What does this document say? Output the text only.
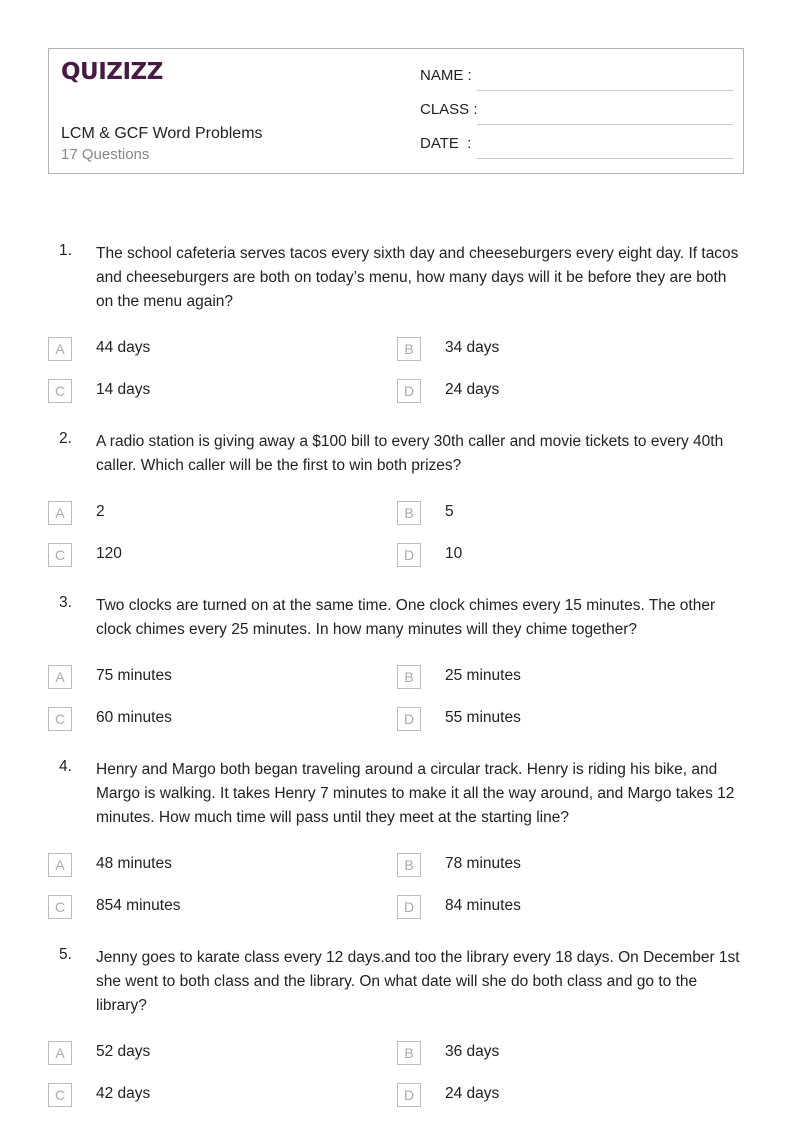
QUIZIZZ
LCM & GCF Word Problems
17 Questions
NAME :
CLASS :
DATE  :
1. The school cafeteria serves tacos every sixth day and cheeseburgers every eight day. If tacos and cheeseburgers are both on today’s menu, how many days will it be before they are both on the menu again?
A	44 days	B	34 days
C	14 days	D	24 days
2. A radio station is giving away a $100 bill to every 30th caller and movie tickets to every 40th caller. Which caller will be the first to win both prizes?
A	2	B	5
C	120	D	10
3. Two clocks are turned on at the same time. One clock chimes every 15 minutes. The other clock chimes every 25 minutes. In how many minutes will they chime together?
A	75 minutes	B	25 minutes
C	60 minutes	D	55 minutes
4. Henry and Margo both began traveling around a circular track. Henry is riding his bike, and Margo is walking. It takes Henry 7 minutes to make it all the way around, and Margo takes 12 minutes. How much time will pass until they meet at the starting line?
A	48 minutes	B	78 minutes
C	854 minutes	D	84 minutes
5. Jenny goes to karate class every 12 days.and too the library every 18 days. On December 1st she went to both class and the library. On what date will she do both class and go to the library?
A	52 days	B	36 days
C	42 days	D	24 days
